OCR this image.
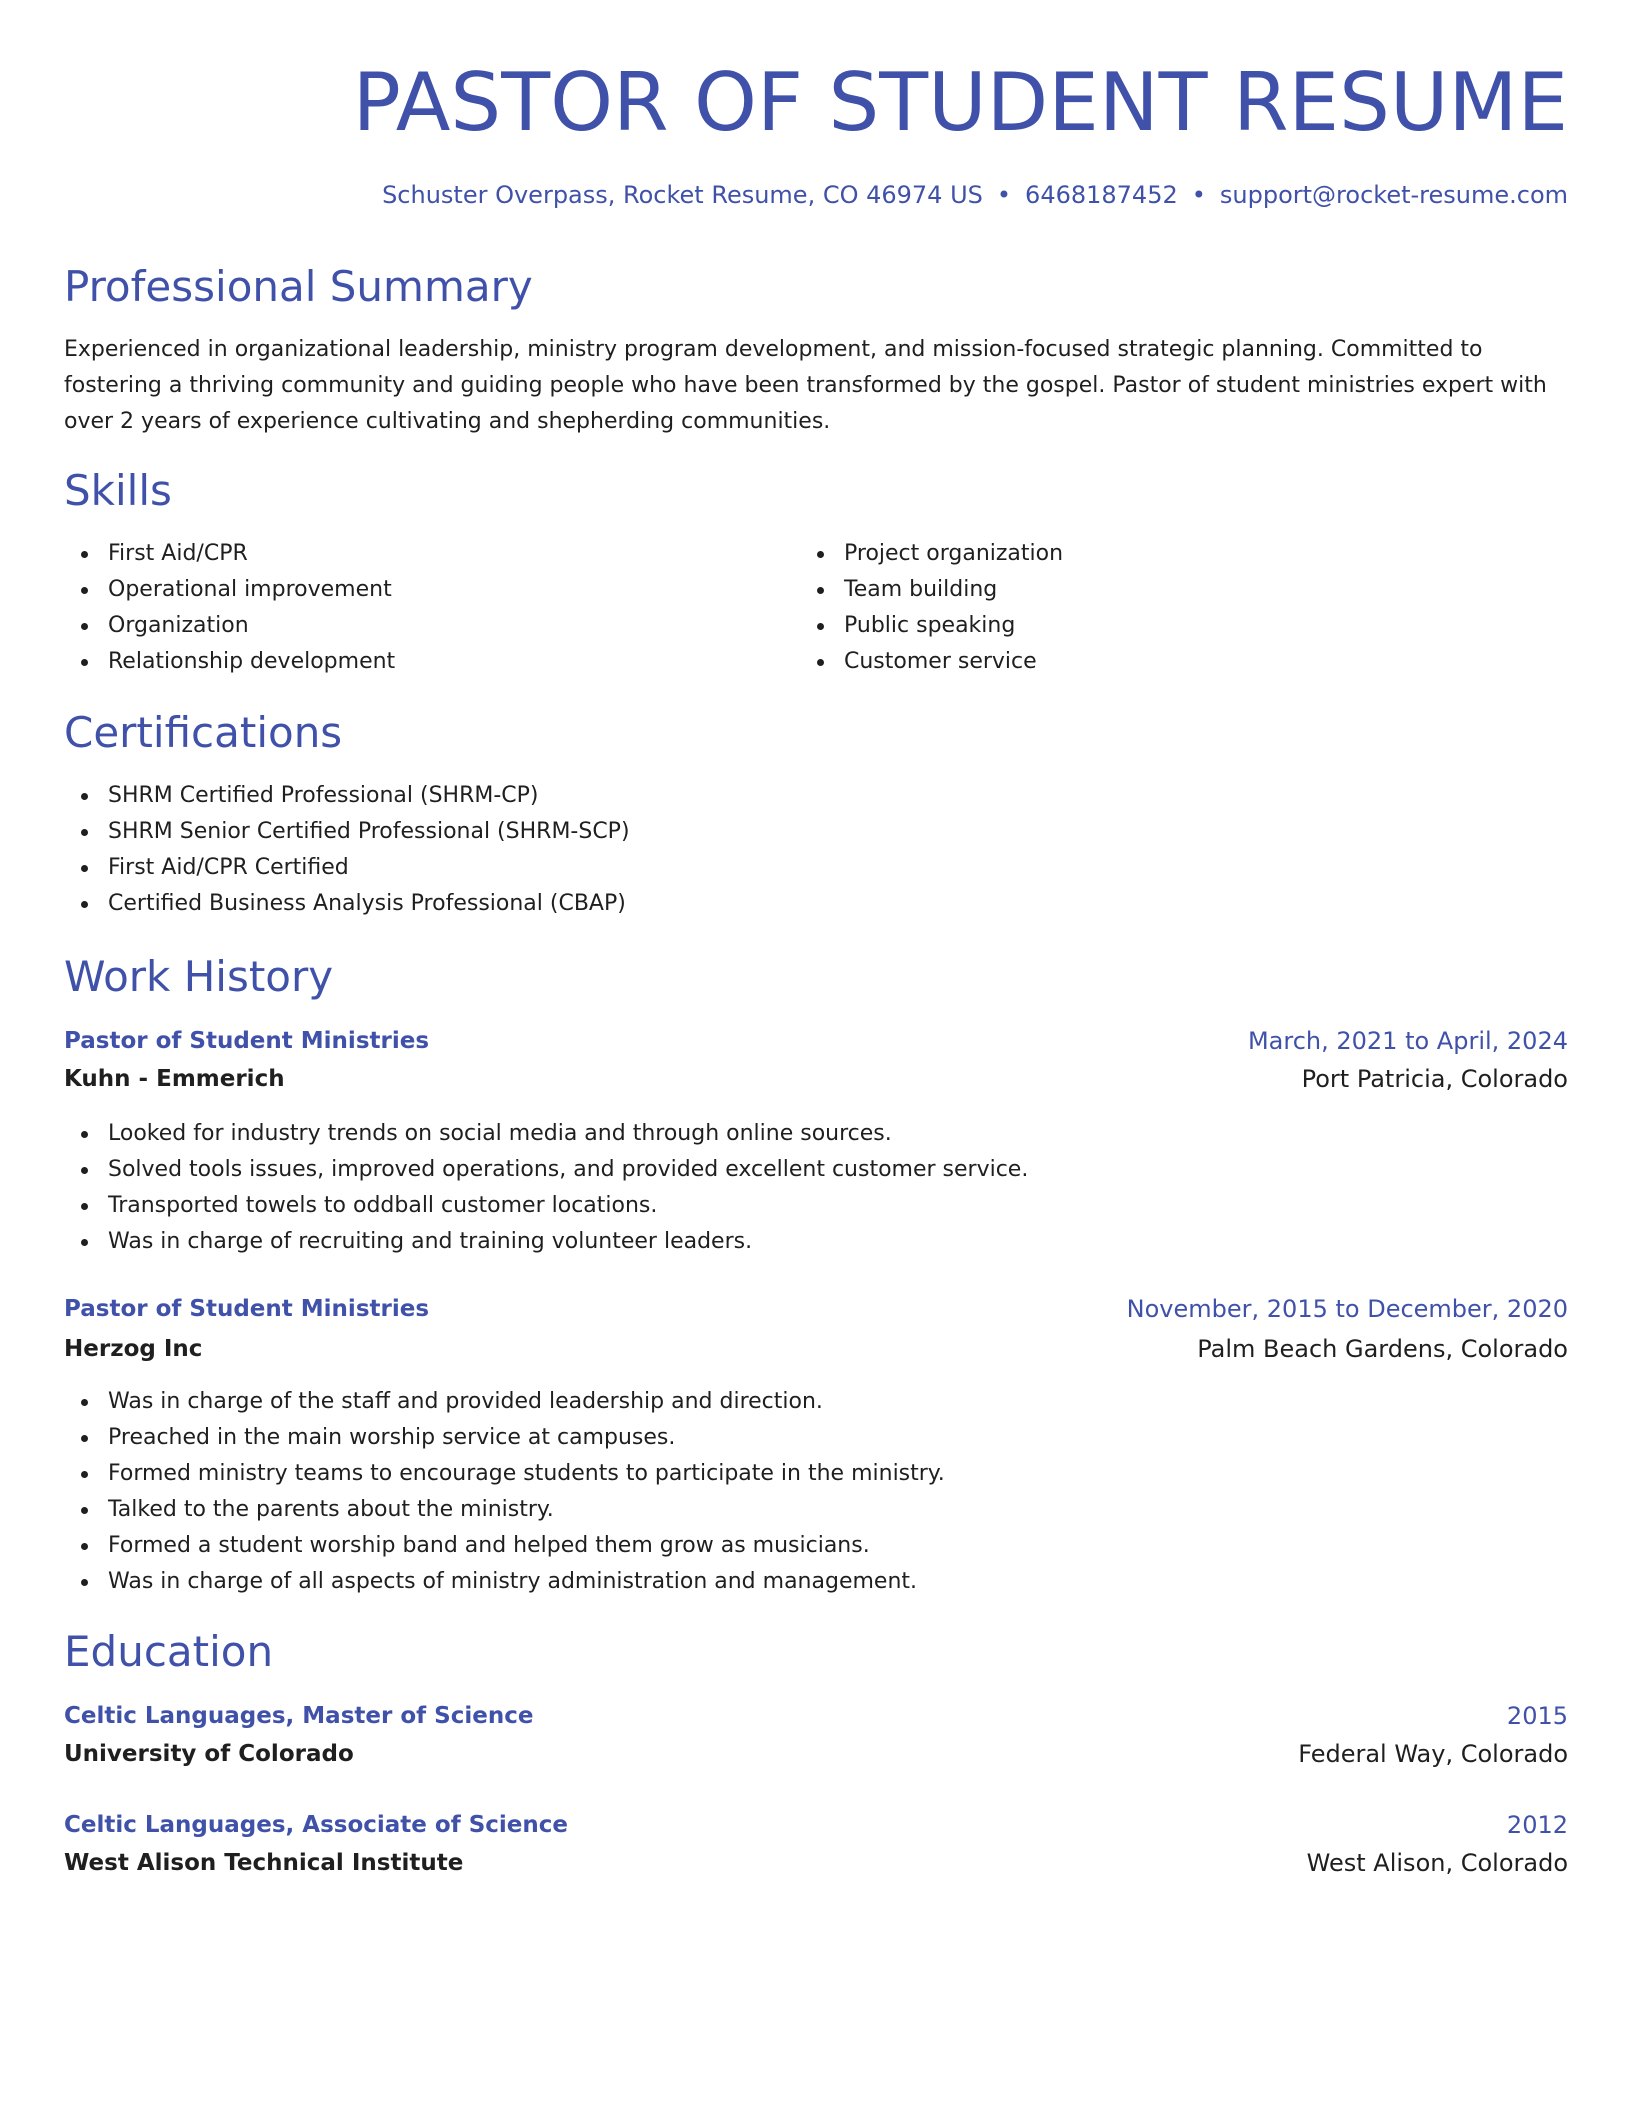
PASTOR OF STUDENT RESUME
Schuster Overpass, Rocket Resume, CO 46974 US • 6468187452 • support@rocket-resume.com
Professional Summary

Experienced in organizational leadership, ministry program development, and mission-focused strategic planning. Committed to fostering a thriving community and guiding people who have been transformed by the gospel. Pastor of student ministries expert with over 2 years of experience cultivating and shepherding communities.

Skills
First Aid/CPR
Operational improvement
Organization
Relationship development
Project organization
Team building
Public speaking
Customer service
Certifications
SHRM Certified Professional (SHRM-CP)
SHRM Senior Certified Professional (SHRM-SCP)
First Aid/CPR Certified
Certified Business Analysis Professional (CBAP)
Work History
Pastor of Student Ministries	March, 2021 to April, 2024
Kuhn - Emmerich	Port Patricia, Colorado
Looked for industry trends on social media and through online sources.
Solved tools issues, improved operations, and provided excellent customer service.
Transported towels to oddball customer locations.
Was in charge of recruiting and training volunteer leaders.
Pastor of Student Ministries	November, 2015 to December, 2020
Herzog Inc	Palm Beach Gardens, Colorado
Was in charge of the staff and provided leadership and direction.
Preached in the main worship service at campuses.
Formed ministry teams to encourage students to participate in the ministry.
Talked to the parents about the ministry.
Formed a student worship band and helped them grow as musicians.
Was in charge of all aspects of ministry administration and management.
Education
Celtic Languages, Master of Science	2015
University of Colorado	Federal Way, Colorado
Celtic Languages, Associate of Science	2012
West Alison Technical Institute	West Alison, Colorado
